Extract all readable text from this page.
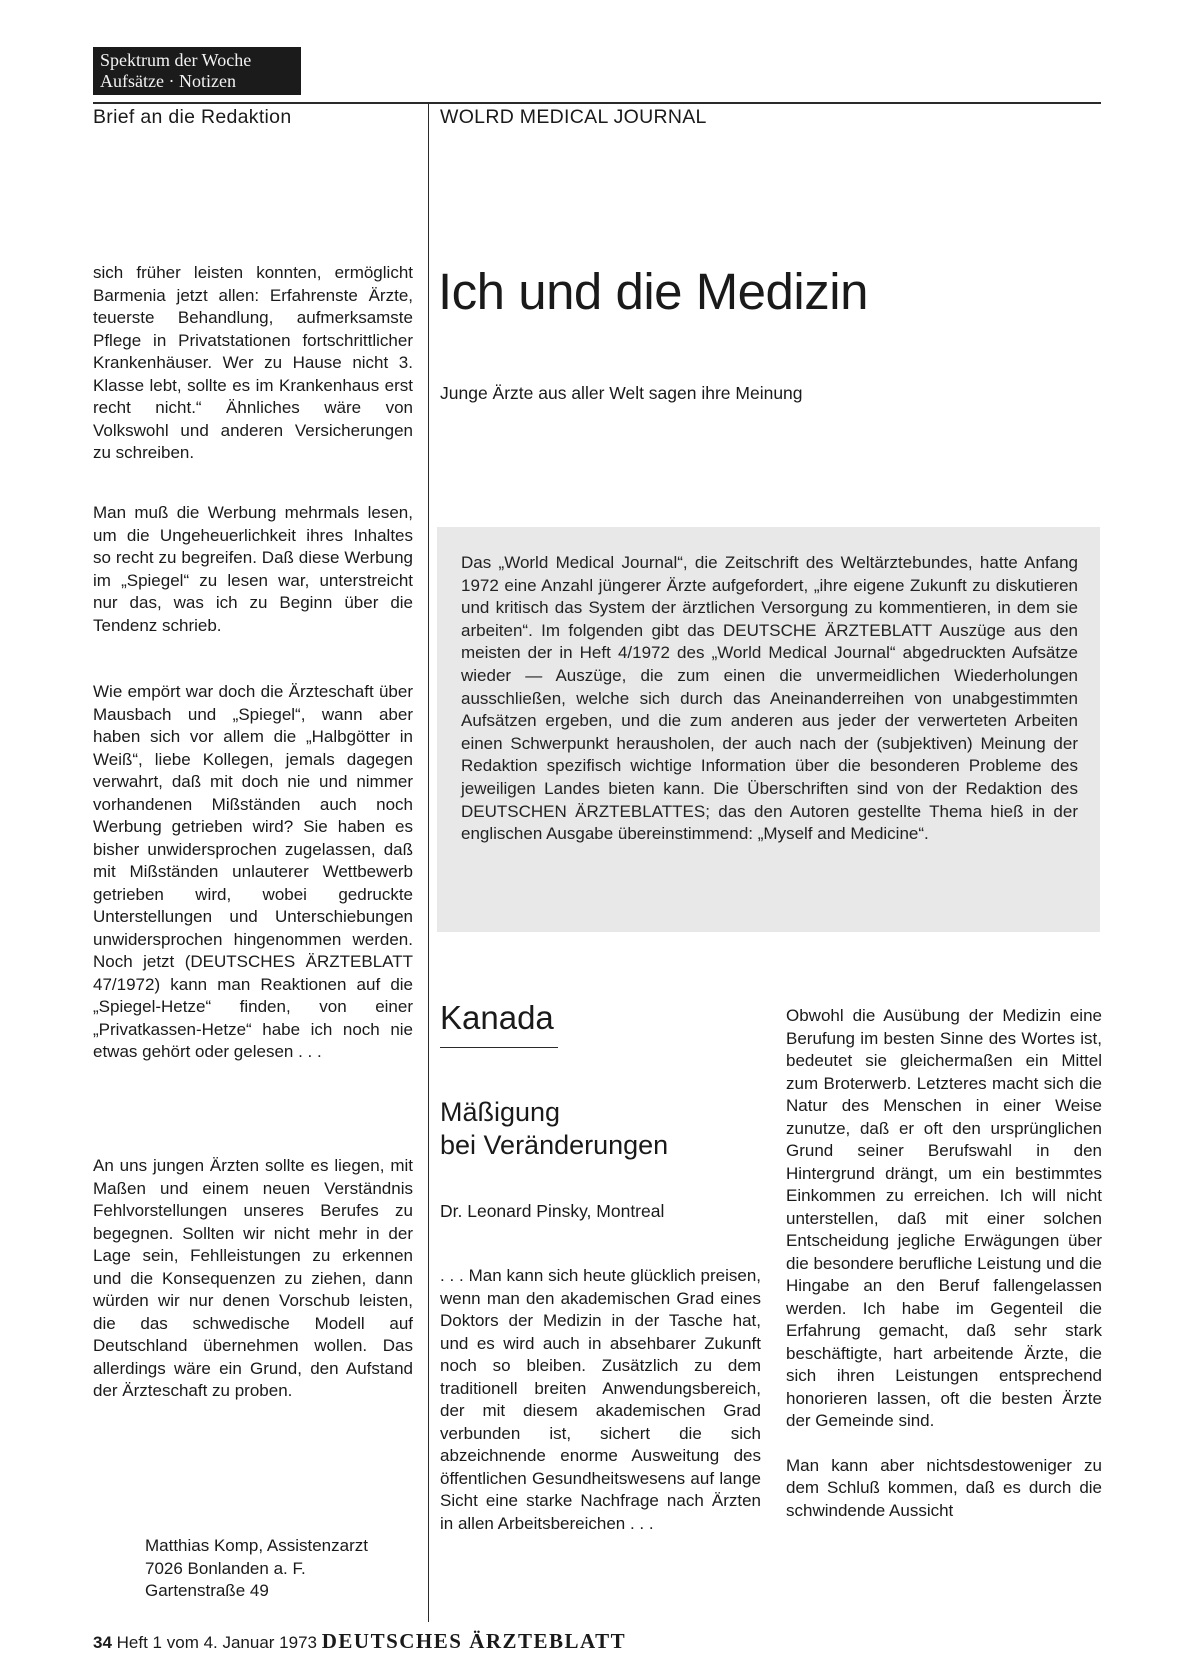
Spektrum der Woche
Aufsätze · Notizen
Brief an die Redaktion	WOLRD MEDICAL JOURNAL

sich früher leisten konnten, ermöglicht Barmenia jetzt allen: Erfahrenste Ärzte, teuerste Behandlung, aufmerksamste Pflege in Privatstationen fortschrittlicher Krankenhäuser. Wer zu Hause nicht 3. Klasse lebt, sollte es im Krankenhaus erst recht nicht.“ Ähnliches wäre von Volkswohl und anderen Versicherungen zu schreiben.

Man muß die Werbung mehrmals lesen, um die Ungeheuerlichkeit ihres Inhaltes so recht zu begreifen. Daß diese Werbung im „Spiegel“ zu lesen war, unterstreicht nur das, was ich zu Beginn über die Tendenz schrieb.

Wie empört war doch die Ärzteschaft über Mausbach und „Spiegel“, wann aber haben sich vor allem die „Halbgötter in Weiß“, liebe Kollegen, jemals dagegen verwahrt, daß mit doch nie und nimmer vorhandenen Mißständen auch noch Werbung getrieben wird? Sie haben es bisher unwidersprochen zugelassen, daß mit Mißständen unlauterer Wettbewerb getrieben wird, wobei gedruckte Unterstellungen und Unterschiebungen unwidersprochen hingenommen werden. Noch jetzt (DEUTSCHES ÄRZTEBLATT 47/1972) kann man Reaktionen auf die „Spiegel-Hetze“ finden, von einer „Privatkassen-Hetze“ habe ich noch nie etwas gehört oder gelesen . . .

An uns jungen Ärzten sollte es liegen, mit Maßen und einem neuen Verständnis Fehlvorstellungen unseres Berufes zu begegnen. Sollten wir nicht mehr in der Lage sein, Fehlleistungen zu erkennen und die Konsequenzen zu ziehen, dann würden wir nur denen Vorschub leisten, die das schwedische Modell auf Deutschland übernehmen wollen. Das allerdings wäre ein Grund, den Aufstand der Ärzteschaft zu proben.

Matthias Komp, Assistenzarzt
7026 Bonlanden a. F.
Gartenstraße 49
Ich und die Medizin
Junge Ärzte aus aller Welt sagen ihre Meinung

Das „World Medical Journal“, die Zeitschrift des Weltärztebundes, hatte Anfang 1972 eine Anzahl jüngerer Ärzte aufgefordert, „ihre eigene Zukunft zu diskutieren und kritisch das System der ärztlichen Versorgung zu kommentieren, in dem sie arbeiten“. Im folgenden gibt das DEUTSCHE ÄRZTEBLATT Auszüge aus den meisten der in Heft 4/1972 des „World Medical Journal“ abgedruckten Aufsätze wieder — Auszüge, die zum einen die unvermeidlichen Wiederholungen ausschließen, welche sich durch das Aneinanderreihen von unabgestimmten Aufsätzen ergeben, und die zum anderen aus jeder der verwerteten Arbeiten einen Schwerpunkt herausholen, der auch nach der (subjektiven) Meinung der Redaktion spezifisch wichtige Information über die besonderen Probleme des jeweiligen Landes bieten kann. Die Überschriften sind von der Redaktion des DEUTSCHEN ÄRZTEBLATTES; das den Autoren gestellte Thema hieß in der englischen Ausgabe übereinstimmend: „Myself and Medicine“.

Kanada
Mäßigung
bei Veränderungen
Dr. Leonard Pinsky, Montreal

. . . Man kann sich heute glücklich preisen, wenn man den akademischen Grad eines Doktors der Medizin in der Tasche hat, und es wird auch in absehbarer Zukunft noch so bleiben. Zusätzlich zu dem traditionell breiten Anwendungsbereich, der mit diesem akademischen Grad verbunden ist, sichert die sich abzeichnende enorme Ausweitung des öffentlichen Gesundheitswesens auf lange Sicht eine starke Nachfrage nach Ärzten in allen Arbeitsbereichen . . .

Obwohl die Ausübung der Medizin eine Berufung im besten Sinne des Wortes ist, bedeutet sie gleichermaßen ein Mittel zum Broterwerb. Letzteres macht sich die Natur des Menschen in einer Weise zunutze, daß er oft den ursprünglichen Grund seiner Berufswahl in den Hintergrund drängt, um ein bestimmtes Einkommen zu erreichen. Ich will nicht unterstellen, daß mit einer solchen Entscheidung jegliche Erwägungen über die besondere berufliche Leistung und die Hingabe an den Beruf fallengelassen werden. Ich habe im Gegenteil die Erfahrung gemacht, daß sehr stark beschäftigte, hart arbeitende Ärzte, die sich ihren Leistungen entsprechend honorieren lassen, oft die besten Ärzte der Gemeinde sind.

Man kann aber nichtsdestoweniger zu dem Schluß kommen, daß es durch die schwindende Aussicht

34 Heft 1 vom 4. Januar 1973 DEUTSCHES ÄRZTEBLATT
